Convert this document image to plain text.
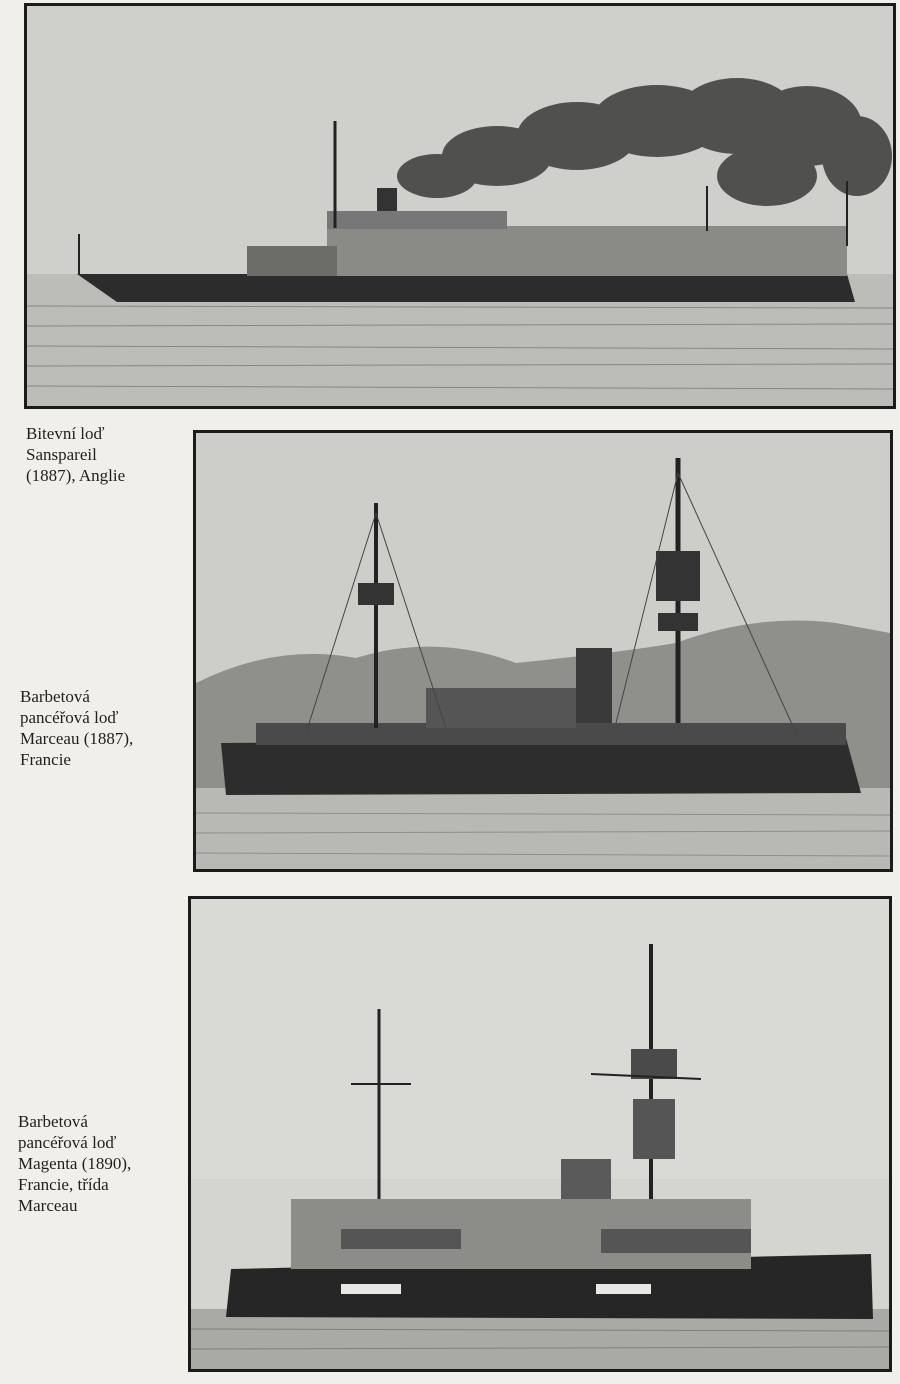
Bitevní loď
Sanspareil
(1887), Anglie
Barbetová
pancéřová loď
Marceau (1887),
Francie
Barbetová
pancéřová loď
Magenta (1890),
Francie, třída
Marceau
